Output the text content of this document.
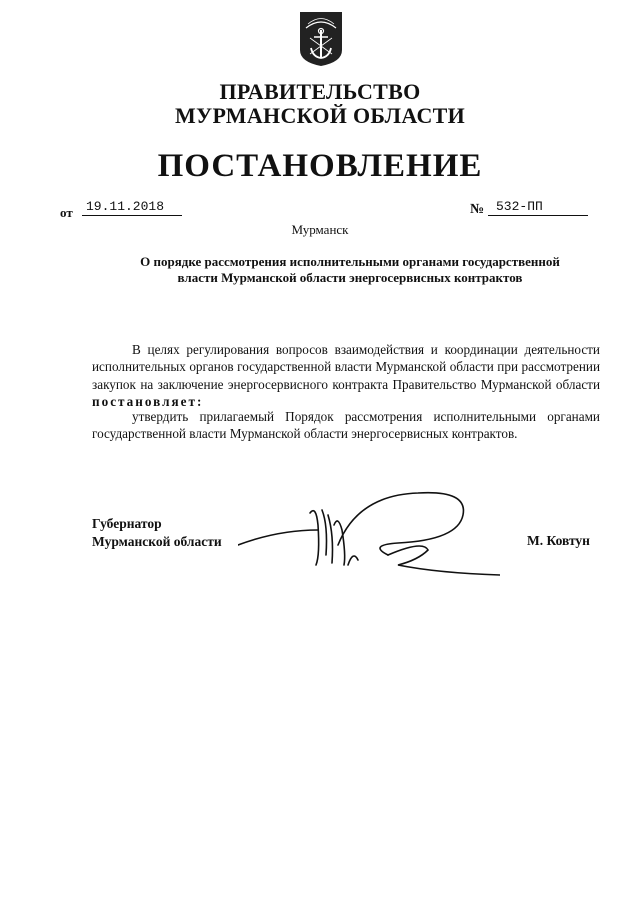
ПРАВИТЕЛЬСТВО
МУРМАНСКОЙ ОБЛАСТИ
ПОСТАНОВЛЕНИЕ
от	19.11.2018	№ 532-ПП
Мурманск
О порядке рассмотрения исполнительными органами государственной власти Мурманской области энергосервисных контрактов
В целях регулирования вопросов взаимодействия и координации деятельности исполнительных органов государственной власти Мурманской области при рассмотрении закупок на заключение энергосервисного контракта Правительство Мурманской области постановляет:
утвердить прилагаемый Порядок рассмотрения исполнительными органами государственной власти Мурманской области энергосервисных контрактов.
Губернатор
Мурманской области	М. Ковтун
